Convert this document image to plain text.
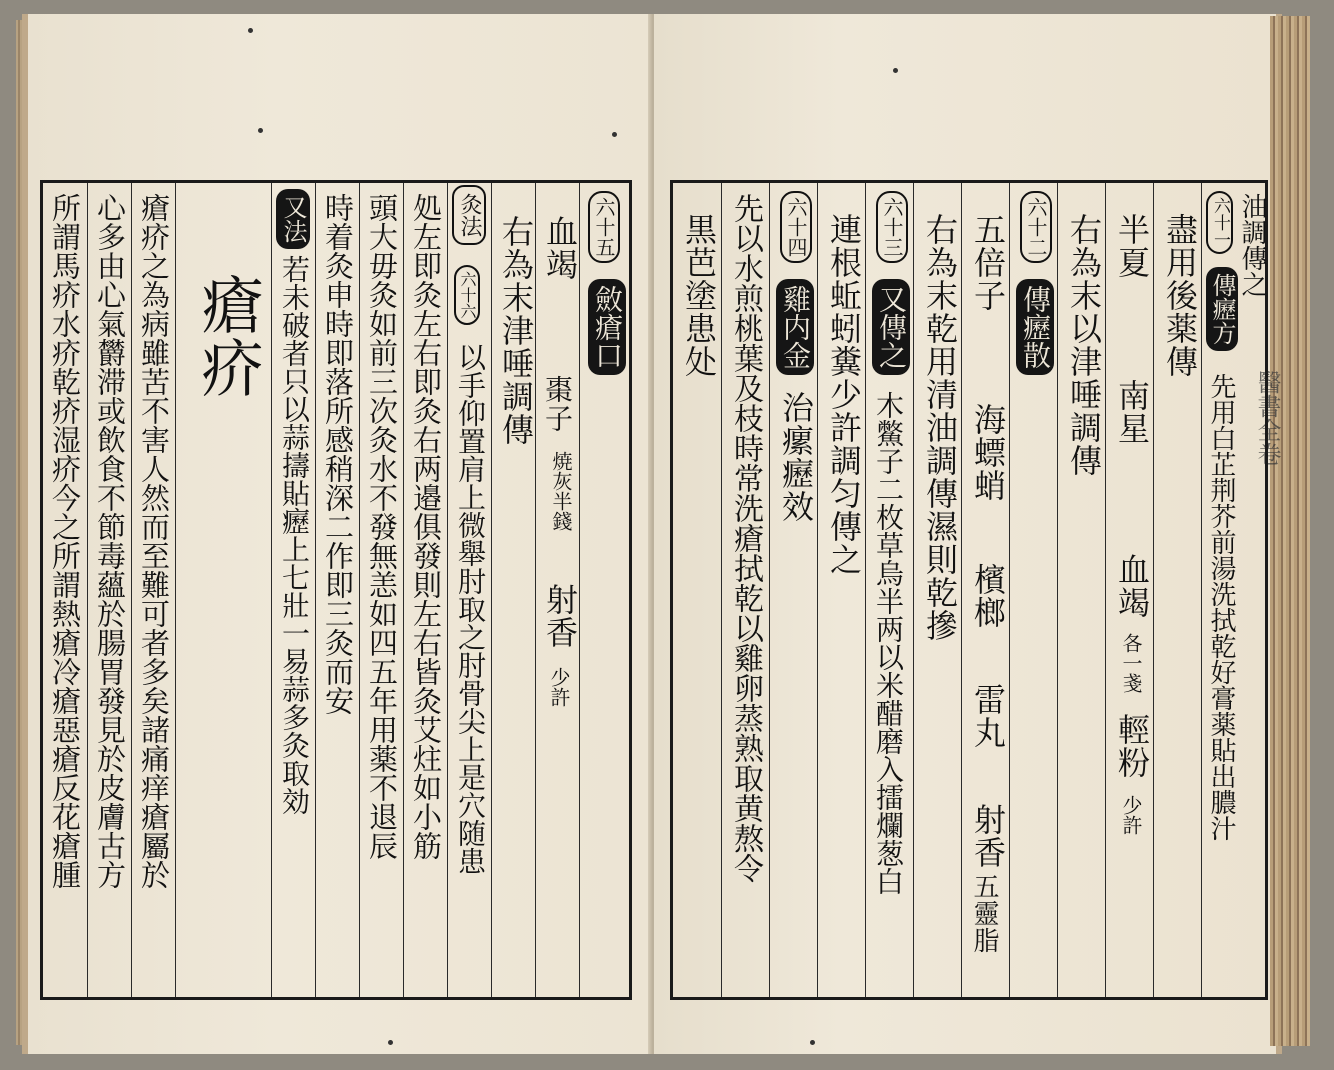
醫書全卷
所謂馬疥水疥乾疥湿疥今之所謂熱瘡冷瘡惡瘡反花瘡腫 心多由心氣欝滞或飲食不節毒蘊於腸胃發見於皮膚古方 瘡疥之為病雖苦不害人然而至難可者多矣諸痛痒瘡屬於 瘡疥
又法
若未破者只以蒜擣貼癧上七壯一易蒜多灸取効 時着灸申時即落所感稍深二作即三灸而安 頭大毋灸如前三次灸水不發無恙如四五年用薬不退辰 処左即灸左右即灸右两邉俱發則左右皆灸艾炷如小筋 灸法
六十六
以手仰置肩上微舉肘取之肘骨尖上是穴随患
右為末津唾調傳 血竭
棗子
焼灰半錢
射香
少許
六十五
斂瘡口 黒芭塗患处 先以水煎桃葉及枝時常洗瘡拭乾以雞卵蒸熟取黄熬令 六十四
雞内金
治瘰癧效 連根蚯蚓糞少許調匀傳之 六十三
又傳之
木鱉子二枚草烏半两以米醋磨入擂爛葱白 右為末乾用清油調傳濕則乾摻 五倍子
海螵蛸
檳榔
雷丸
射香
五靈脂
六十二
傳癧散 右為末以津唾調傳 半夏
南星
血竭
各一戔
輕粉
少許
盡用後薬傳 六十一
傳癧方
油調傳之
先用白芷荆芥前湯洗拭乾好膏薬貼出膿汁
